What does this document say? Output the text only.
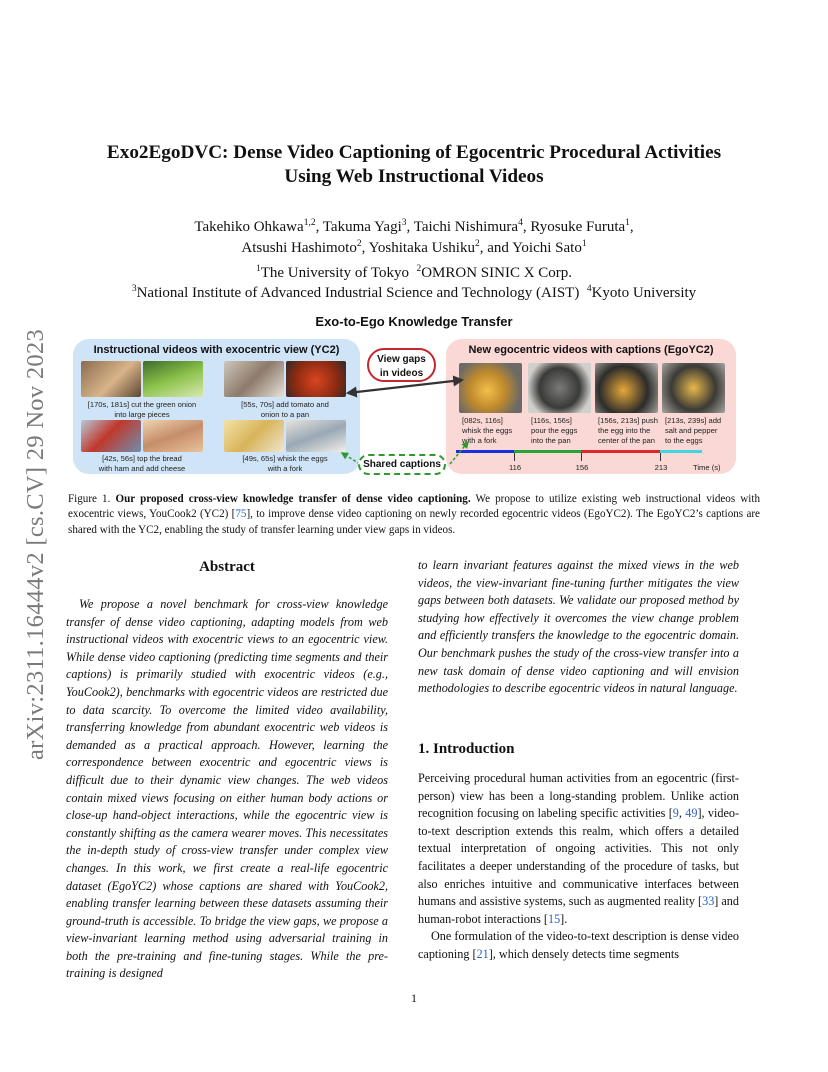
arXiv:2311.16444v2 [cs.CV] 29 Nov 2023
Exo2EgoDVC: Dense Video Captioning of Egocentric Procedural Activities
Using Web Instructional Videos
Takehiko Ohkawa$^{1,2}$, Takuma Yagi$^3$, Taichi Nishimura$^4$, Ryosuke Furuta$^1$,
Atsushi Hashimoto$^2$, Yoshitaka Ushiku$^2$, and Yoichi Sato$^1$
$^1$The University of Tokyo $^2$OMRON SINIC X Corp.
$^3$National Institute of Advanced Industrial Science and Technology (AIST) $^4$Kyoto University
Exo-to-Ego Knowledge Transfer
Instructional videos with exocentric view (YC2)
[170s, 181s] cut the green onion
into large pieces
[55s, 70s] add tomato and
onion to a pan
[42s, 56s] top the bread
with ham and add cheese
[49s, 65s] whisk the eggs
with a fork
New egocentric videos with captions (EgoYC2)
[082s, 116s]
whisk the eggs
with a fork
[116s, 156s]
pour the eggs
into the pan
[156s, 213s] push
the egg into the
center of the pan
[213s, 239s] add
salt and pepper
to the eggs
116	156	213	Time (s)
View gaps
in videos
Shared captions
Figure 1. Our proposed cross-view knowledge transfer of dense video captioning. We propose to utilize existing web instructional videos with exocentric views, YouCook2 (YC2) [75], to improve dense video captioning on newly recorded egocentric videos (EgoYC2). The EgoYC2’s captions are shared with the YC2, enabling the study of transfer learning under view gaps in videos.
Abstract

We propose a novel benchmark for cross-view knowledge transfer of dense video captioning, adapting models from web instructional videos with exocentric views to an egocentric view. While dense video captioning (predicting time segments and their captions) is primarily studied with exocentric videos (e.g., YouCook2), benchmarks with egocentric videos are restricted due to data scarcity. To overcome the limited video availability, transferring knowledge from abundant exocentric web videos is demanded as a practical approach. However, learning the correspondence between exocentric and egocentric views is difficult due to their dynamic view changes. The web videos contain mixed views focusing on either human body actions or close-up hand-object interactions, while the egocentric view is constantly shifting as the camera wearer moves. This necessitates the in-depth study of cross-view transfer under complex view changes. In this work, we first create a real-life egocentric dataset (EgoYC2) whose captions are shared with YouCook2, enabling transfer learning between these datasets assuming their ground-truth is accessible. To bridge the view gaps, we propose a view-invariant learning method using adversarial training in both the pre-training and fine-tuning stages. While the pre-training is designed

to learn invariant features against the mixed views in the web videos, the view-invariant fine-tuning further mitigates the view gaps between both datasets. We validate our proposed method by studying how effectively it overcomes the view change problem and efficiently transfers the knowledge to the egocentric domain. Our benchmark pushes the study of the cross-view transfer into a new task domain of dense video captioning and will envision methodologies to describe egocentric videos in natural language.
1. Introduction

Perceiving procedural human activities from an egocentric (first-person) view has been a long-standing problem. Unlike action recognition focusing on labeling specific activities [9, 49], video-to-text description extends this realm, which offers a detailed textual interpretation of ongoing activities. This not only facilitates a deeper understanding of the procedure of tasks, but also enriches intuitive and communicative interfaces between humans and assistive systems, such as augmented reality [33] and human-robot interactions [15].

One formulation of the video-to-text description is dense video captioning [21], which densely detects time segments

1
